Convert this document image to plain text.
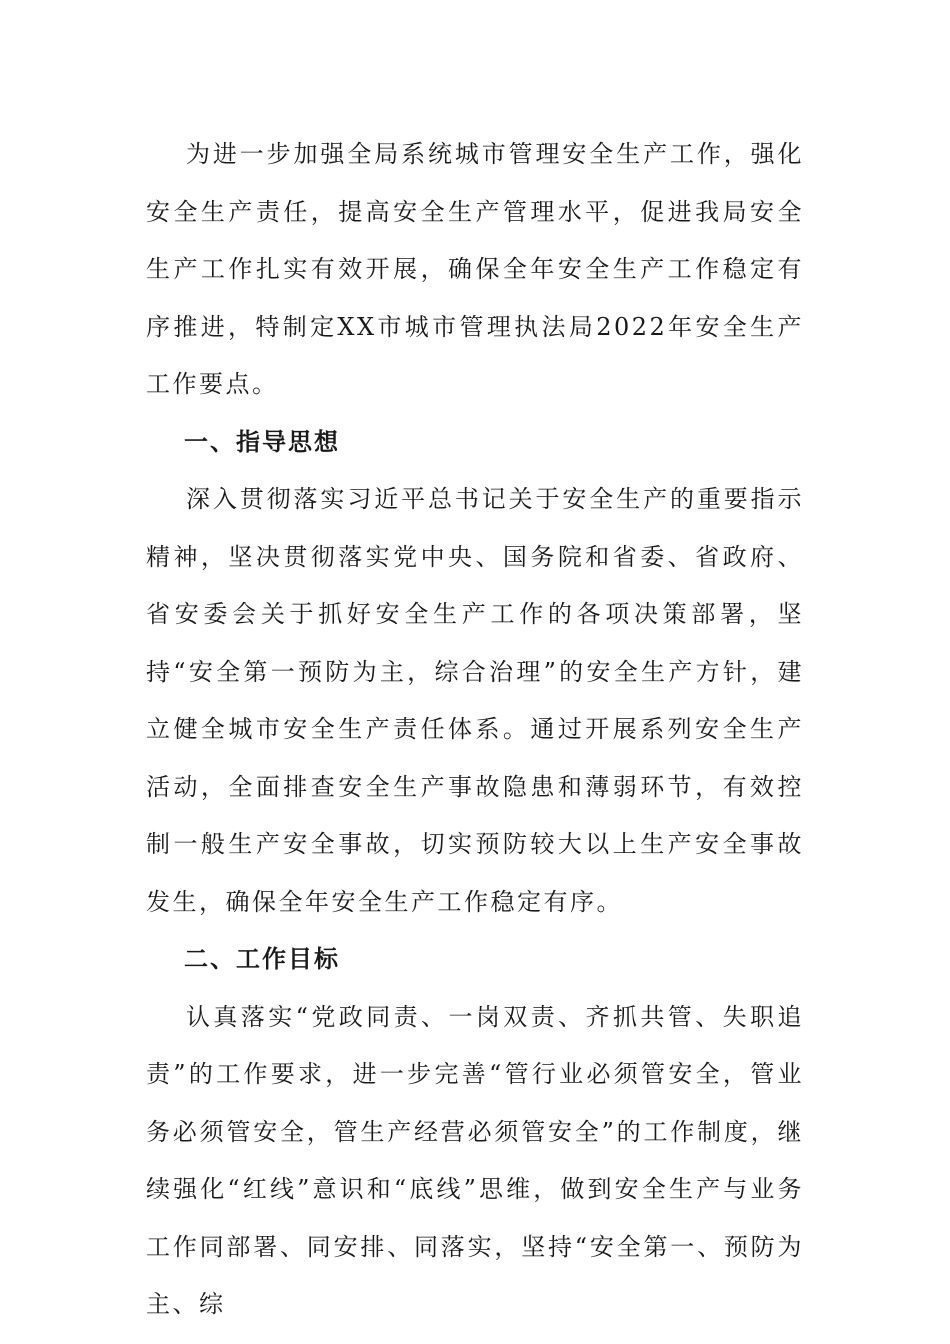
为进一步加强全局系统城市管理安全生产工作，强化安全生产责任，提高安全生产管理水平，促进我局安全生产工作扎实有效开展，确保全年安全生产工作稳定有序推进，特制定XX市城市管理执法局2022年安全生产工作要点。

一、指导思想

深入贯彻落实习近平总书记关于安全生产的重要指示精神，坚决贯彻落实党中央、国务院和省委、省政府、省安委会关于抓好安全生产工作的各项决策部署，坚持“安全第一预防为主，综合治理”的安全生产方针，建立健全城市安全生产责任体系。通过开展系列安全生产活动，全面排查安全生产事故隐患和薄弱环节，有效控制一般生产安全事故，切实预防较大以上生产安全事故发生，确保全年安全生产工作稳定有序。

二、工作目标

认真落实“党政同责、一岗双责、齐抓共管、失职追责”的工作要求，进一步完善“管行业必须管安全，管业务必须管安全，管生产经营必须管安全”的工作制度，继续强化“红线”意识和“底线”思维，做到安全生产与业务工作同部署、同安排、同落实，坚持“安全第一、预防为主、综
